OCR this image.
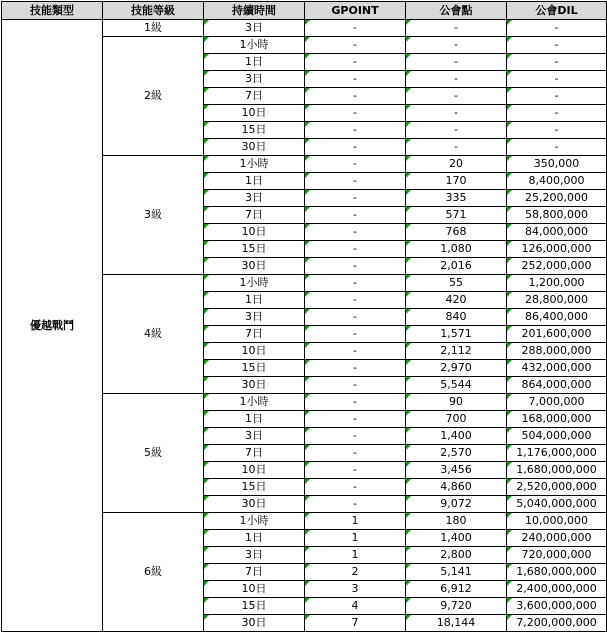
技能類型	技能等級	持續時間	GPOINT	公會點	公會DIL
優越戰鬥	1級	3日	-	-	-
	2級	1小時	-	-	-
		1日	-	-	-
		3日	-	-	-
		7日	-	-	-
		10日	-	-	-
		15日	-	-	-
		30日	-	-	-
	3級	1小時	-	20	350,000
		1日	-	170	8,400,000
		3日	-	335	25,200,000
		7日	-	571	58,800,000
		10日	-	768	84,000,000
		15日	-	1,080	126,000,000
		30日	-	2,016	252,000,000
	4級	1小時	-	55	1,200,000
		1日	-	420	28,800,000
		3日	-	840	86,400,000
		7日	-	1,571	201,600,000
		10日	-	2,112	288,000,000
		15日	-	2,970	432,000,000
		30日	-	5,544	864,000,000
	5級	1小時	-	90	7,000,000
		1日	-	700	168,000,000
		3日	-	1,400	504,000,000
		7日	-	2,570	1,176,000,000
		10日	-	3,456	1,680,000,000
		15日	-	4,860	2,520,000,000
		30日	-	9,072	5,040,000,000
	6級	1小時	1	180	10,000,000
		1日	1	1,400	240,000,000
		3日	1	2,800	720,000,000
		7日	2	5,141	1,680,000,000
		10日	3	6,912	2,400,000,000
		15日	4	9,720	3,600,000,000
		30日	7	18,144	7,200,000,000
